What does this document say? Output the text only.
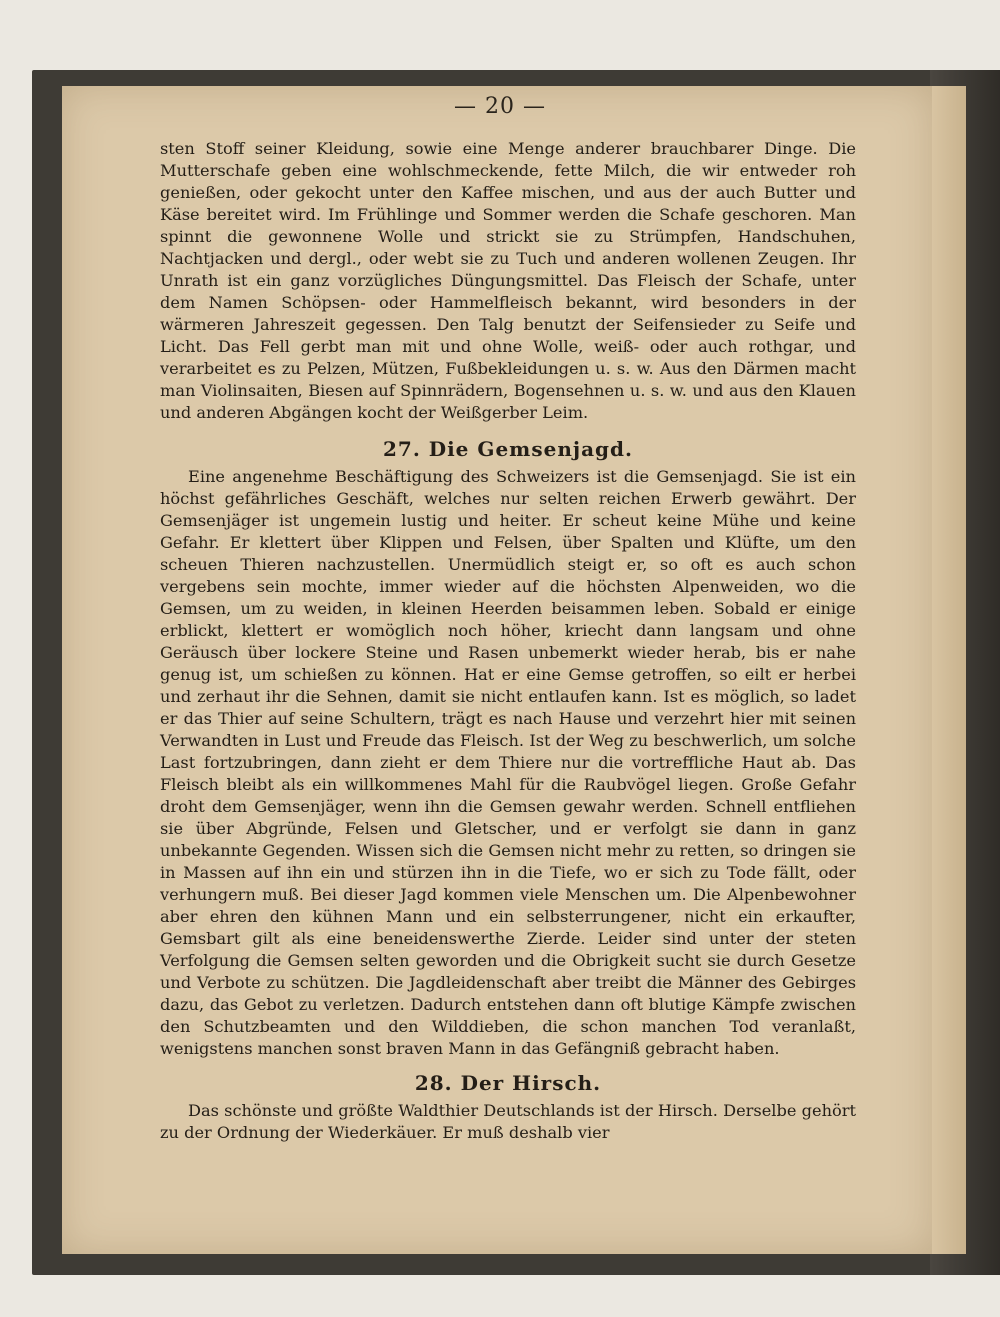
— 20 —

sten Stoff seiner Kleidung, sowie eine Menge anderer brauchbarer Dinge. Die Mutterschafe geben eine wohlschmeckende, fette Milch, die wir entweder roh genießen, oder gekocht unter den Kaffee mischen, und aus der auch Butter und Käse bereitet wird. Im Frühlinge und Sommer werden die Schafe geschoren. Man spinnt die gewonnene Wolle und strickt sie zu Strümpfen, Handschuhen, Nachtjacken und dergl., oder webt sie zu Tuch und anderen wollenen Zeugen. Ihr Unrath ist ein ganz vorzügliches Düngungsmittel. Das Fleisch der Schafe, unter dem Namen Schöpsen- oder Hammelfleisch bekannt, wird besonders in der wärmeren Jahreszeit gegessen. Den Talg benutzt der Seifensieder zu Seife und Licht. Das Fell gerbt man mit und ohne Wolle, weiß- oder auch rothgar, und verarbeitet es zu Pelzen, Mützen, Fußbekleidungen u. s. w. Aus den Därmen macht man Violinsaiten, Biesen auf Spinnrädern, Bogensehnen u. s. w. und aus den Klauen und anderen Abgängen kocht der Weißgerber Leim.

27. Die Gemsenjagd.

Eine angenehme Beschäftigung des Schweizers ist die Gemsenjagd. Sie ist ein höchst gefährliches Geschäft, welches nur selten reichen Erwerb gewährt. Der Gemsenjäger ist ungemein lustig und heiter. Er scheut keine Mühe und keine Gefahr. Er klettert über Klippen und Felsen, über Spalten und Klüfte, um den scheuen Thieren nachzustellen. Unermüdlich steigt er, so oft es auch schon vergebens sein mochte, immer wieder auf die höchsten Alpenweiden, wo die Gemsen, um zu weiden, in kleinen Heerden beisammen leben. Sobald er einige erblickt, klettert er womöglich noch höher, kriecht dann langsam und ohne Geräusch über lockere Steine und Rasen unbemerkt wieder herab, bis er nahe genug ist, um schießen zu können. Hat er eine Gemse getroffen, so eilt er herbei und zerhaut ihr die Sehnen, damit sie nicht entlaufen kann. Ist es möglich, so ladet er das Thier auf seine Schultern, trägt es nach Hause und verzehrt hier mit seinen Verwandten in Lust und Freude das Fleisch. Ist der Weg zu beschwerlich, um solche Last fortzubringen, dann zieht er dem Thiere nur die vortreffliche Haut ab. Das Fleisch bleibt als ein willkommenes Mahl für die Raubvögel liegen. Große Gefahr droht dem Gemsenjäger, wenn ihn die Gemsen gewahr werden. Schnell entfliehen sie über Abgründe, Felsen und Gletscher, und er verfolgt sie dann in ganz unbekannte Gegenden. Wissen sich die Gemsen nicht mehr zu retten, so dringen sie in Massen auf ihn ein und stürzen ihn in die Tiefe, wo er sich zu Tode fällt, oder verhungern muß. Bei dieser Jagd kommen viele Menschen um. Die Alpenbewohner aber ehren den kühnen Mann und ein selbsterrungener, nicht ein erkaufter, Gemsbart gilt als eine beneidenswerthe Zierde. Leider sind unter der steten Verfolgung die Gemsen selten geworden und die Obrigkeit sucht sie durch Gesetze und Verbote zu schützen. Die Jagdleidenschaft aber treibt die Männer des Gebirges dazu, das Gebot zu verletzen. Dadurch entstehen dann oft blutige Kämpfe zwischen den Schutzbeamten und den Wilddieben, die schon manchen Tod veranlaßt, wenigstens manchen sonst braven Mann in das Gefängniß gebracht haben.

28. Der Hirsch.

Das schönste und größte Waldthier Deutschlands ist der Hirsch. Derselbe gehört zu der Ordnung der Wiederkäuer. Er muß deshalb vier
